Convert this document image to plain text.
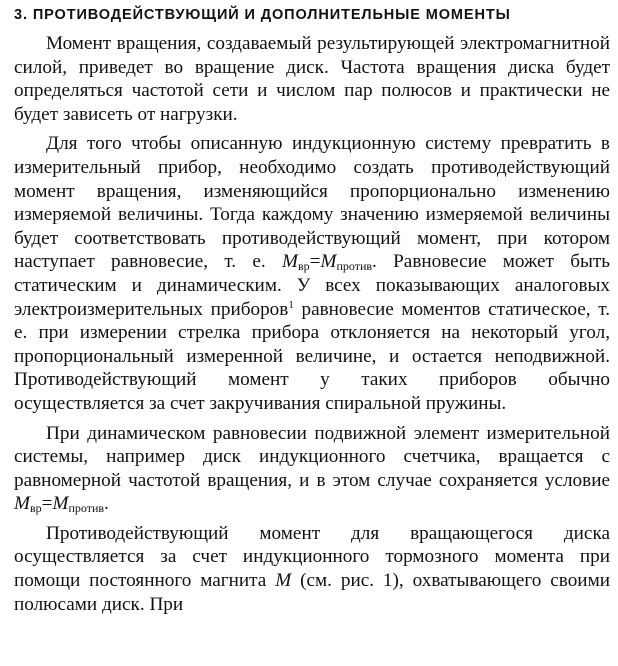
3. ПРОТИВОДЕЙСТВУЮЩИЙ И ДОПОЛНИТЕЛЬНЫЕ МОМЕНТЫ

Момент вращения, создаваемый результирующей электромагнитной силой, приведет во вращение диск. Частота вращения диска будет определяться частотой сети и числом пар полюсов и практически не будет зависеть от нагрузки.

Для того чтобы описанную индукционную систему превратить в измерительный прибор, необходимо создать противодействующий момент вращения, изменяющийся пропорционально изменению измеряемой величины. Тогда каждому значению измеряемой величины будет соответствовать противодействующий момент, при котором наступает равновесие, т. е. $M_{вр}=M_{против}$. Равновесие может быть статическим и динамическим. У всех показывающих аналоговых электроизмерительных приборов$^1$ равновесие моментов статическое, т. е. при измерении стрелка прибора отклоняется на некоторый угол, пропорциональный измеренной величине, и остается неподвижной. Противодействующий момент у таких приборов обычно осуществляется за счет закручивания спиральной пружины.

При динамическом равновесии подвижной элемент измерительной системы, например диск индукционного счетчика, вращается с равномерной частотой вращения, и в этом случае сохраняется условие $M_{вр}=M_{против}$.

Противодействующий момент для вращающегося диска осуществляется за счет индукционного тормозного момента при помощи постоянного магнита M (см. рис. 1), охватывающего своими полюсами диск. При
